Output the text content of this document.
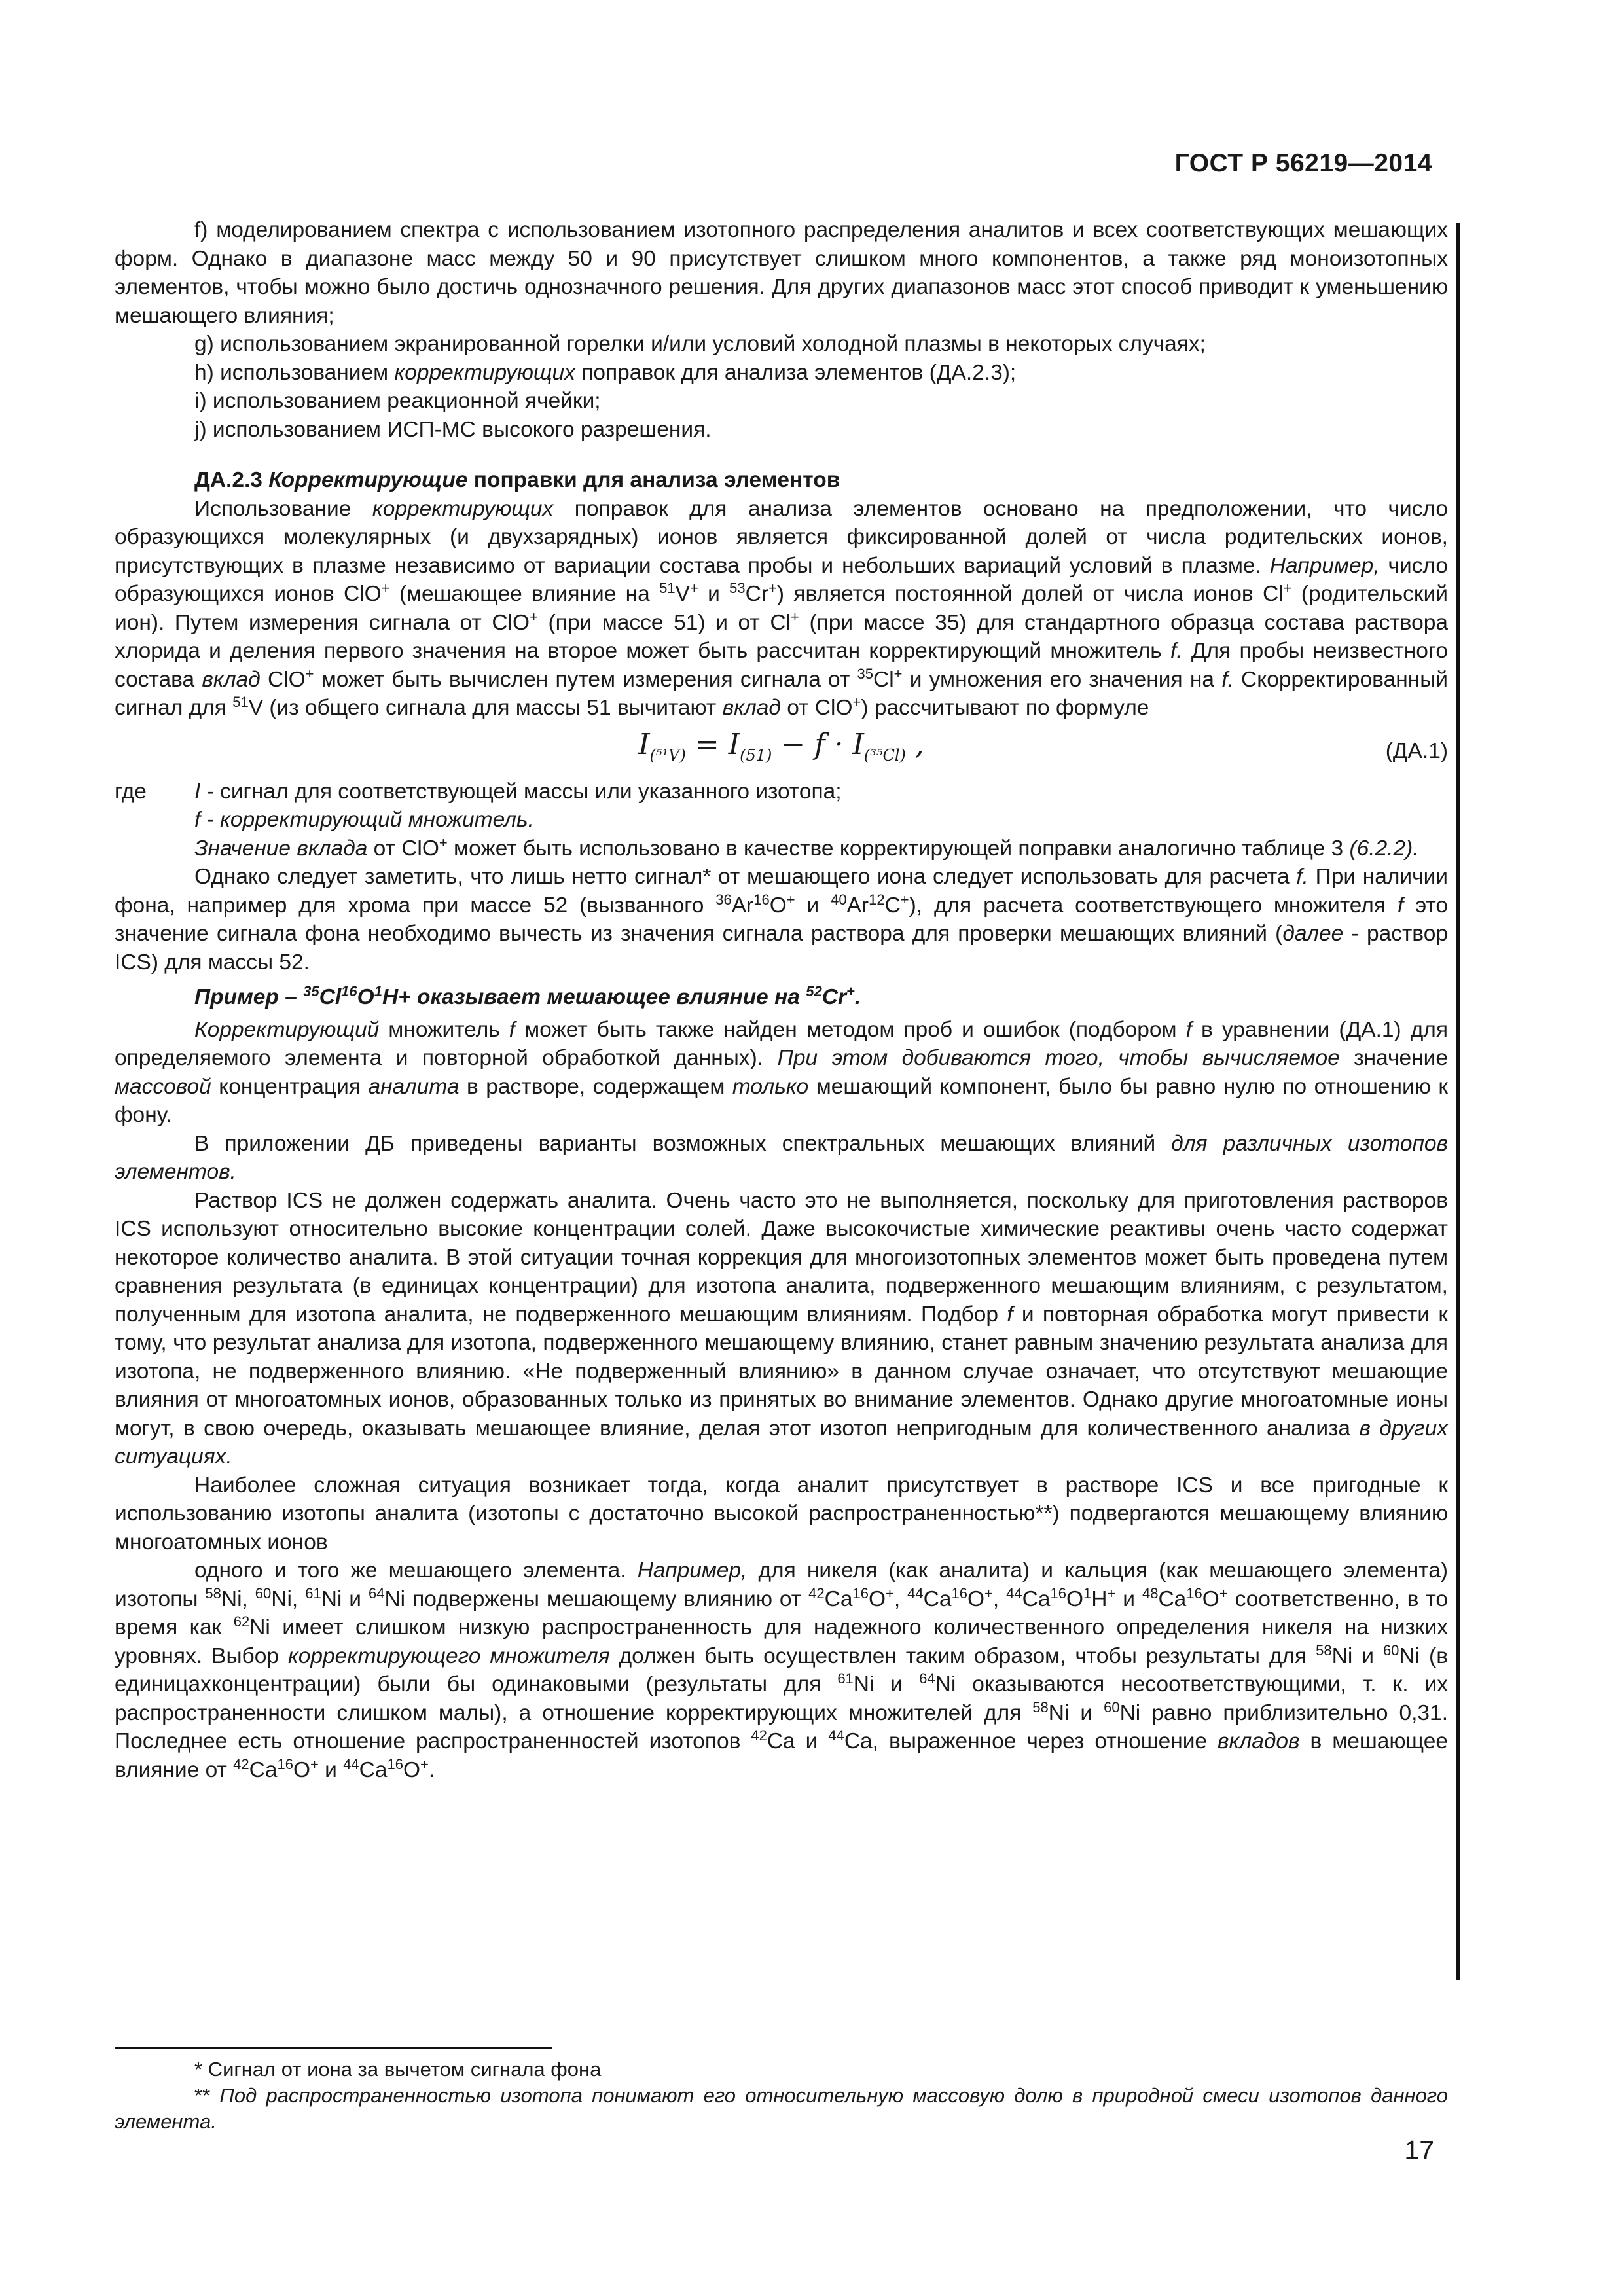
ГОСТ Р 56219—2014

f) моделированием спектра с использованием изотопного распределения аналитов и всех соответствующих мешающих форм. Однако в диапазоне масс между 50 и 90 присутствует слишком много компонентов, а также ряд моноизотопных элементов, чтобы можно было достичь однозначного решения. Для других диапазонов масс этот способ приводит к уменьшению мешающего влияния;

g) использованием экранированной горелки и/или условий холодной плазмы в некоторых случаях;

h) использованием корректирующих поправок для анализа элементов (ДА.2.3);

i) использованием реакционной ячейки;

j) использованием ИСП-МС высокого разрешения.

ДА.2.3 Корректирующие поправки для анализа элементов

Использование корректирующих поправок для анализа элементов основано на предположении, что число образующихся молекулярных (и двухзарядных) ионов является фиксированной долей от числа родительских ионов, присутствующих в плазме независимо от вариации состава пробы и небольших вариаций условий в плазме. Например, число образующихся ионов ClO+ (мешающее влияние на $^{51}$V+ и $^{53}$Cr+) является постоянной долей от числа ионов Cl+ (родительский ион). Путем измерения сигнала от ClO+ (при массе 51) и от Cl+ (при массе 35) для стандартного образца состава раствора хлорида и деления первого значения на второе может быть рассчитан корректирующий множитель f. Для пробы неизвестного состава вклад ClO+ может быть вычислен путем измерения сигнала от $^{35}$Cl+ и умножения его значения на f. Скорректированный сигнал для $^{51}$V (из общего сигнала для массы 51 вычитают вклад от ClO+) рассчитывают по формуле

$I_{(^{51}V)} = I_{(51)} - f \cdot I_{(^{35}Cl)}$ ,	(ДА.1)

где I - сигнал для соответствующей массы или указанного изотопа;

f - корректирующий множитель.

Значение вклада от ClO+ может быть использовано в качестве корректирующей поправки аналогично таблице 3 (6.2.2).

Однако следует заметить, что лишь нетто сигнал* от мешающего иона следует использовать для расчета f. При наличии фона, например для хрома при массе 52 (вызванного $^{36}$Ar$^{16}$O+ и $^{40}$Ar$^{12}$C+), для расчета соответствующего множителя f это значение сигнала фона необходимо вычесть из значения сигнала раствора для проверки мешающих влияний (далее - раствор ICS) для массы 52.

Пример – $^{35}Cl^{16}O^1H+$ оказывает мешающее влияние на $^{52}$Cr+.

Корректирующий множитель f может быть также найден методом проб и ошибок (подбором f в уравнении (ДА.1) для определяемого элемента и повторной обработкой данных). При этом добиваются того, чтобы вычисляемое значение массовой концентрация аналита в растворе, содержащем только мешающий компонент, было бы равно нулю по отношению к фону.

В приложении ДБ приведены варианты возможных спектральных мешающих влияний для различных изотопов элементов.

Раствор ICS не должен содержать аналита. Очень часто это не выполняется, поскольку для приготовления растворов ICS используют относительно высокие концентрации солей. Даже высокочистые химические реактивы очень часто содержат некоторое количество аналита. В этой ситуации точная коррекция для многоизотопных элементов может быть проведена путем сравнения результата (в единицах концентрации) для изотопа аналита, подверженного мешающим влияниям, с результатом, полученным для изотопа аналита, не подверженного мешающим влияниям. Подбор f и повторная обработка могут привести к тому, что результат анализа для изотопа, подверженного мешающему влиянию, станет равным значению результата анализа для изотопа, не подверженного влиянию. «Не подверженный влиянию» в данном случае означает, что отсутствуют мешающие влияния от многоатомных ионов, образованных только из принятых во внимание элементов. Однако другие многоатомные ионы могут, в свою очередь, оказывать мешающее влияние, делая этот изотоп непригодным для количественного анализа в других ситуациях.

Наиболее сложная ситуация возникает тогда, когда аналит присутствует в растворе ICS и все пригодные к использованию изотопы аналита (изотопы с достаточно высокой распространенностью**) подвергаются мешающему влиянию многоатомных ионов

одного и того же мешающего элемента. Например, для никеля (как аналита) и кальция (как мешающего элемента) изотопы $^{58}$Ni, $^{60}$Ni, $^{61}$Ni и $^{64}$Ni подвержены мешающему влиянию от $^{42}$Ca$^{16}$O+, $^{44}$Ca$^{16}$O+, $^{44}Ca^{16}O^1H^+$ и $^{48}$Ca$^{16}$O+ соответственно, в то время как $^{62}$Ni имеет слишком низкую распространенность для надежного количественного определения никеля на низких уровнях. Выбор корректирующего множителя должен быть осуществлен таким образом, чтобы результаты для $^{58}$Ni и $^{60}$Ni (в единицахконцентрации) были бы одинаковыми (результаты для $^{61}$Ni и $^{64}$Ni оказываются несоответствующими, т. к. их распространенности слишком малы), а отношение корректирующих множителей для $^{58}$Ni и $^{60}$Ni равно приблизительно 0,31. Последнее есть отношение распространенностей изотопов $^{42}$Ca и $^{44}$Ca, выраженное через отношение вкладов в мешающее влияние от $^{42}$Ca$^{16}$O+ и $^{44}$Ca$^{16}$O+.

* Сигнал от иона за вычетом сигнала фона

** Под распространенностью изотопа понимают его относительную массовую долю в природной смеси изотопов данного элемента.

17
